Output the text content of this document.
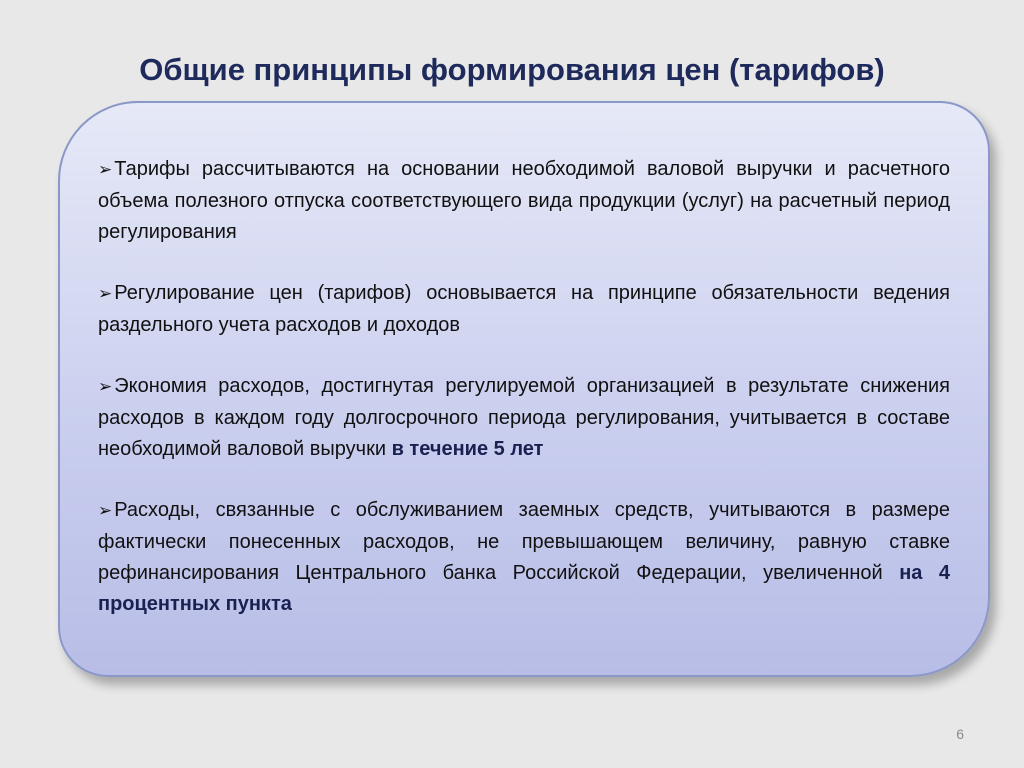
Общие принципы формирования цен (тарифов)

➢ Тарифы рассчитываются на основании необходимой валовой выручки и расчетного объема полезного отпуска соответствующего вида продукции (услуг) на расчетный период регулирования

➢ Регулирование цен (тарифов) основывается на принципе обязательности ведения раздельного учета расходов и доходов

➢ Экономия расходов, достигнутая регулируемой организацией в результате снижения расходов в каждом году долгосрочного периода регулирования, учитывается в составе необходимой валовой выручки в течение 5 лет

➢ Расходы, связанные с обслуживанием заемных средств, учитываются в размере фактически понесенных расходов, не превышающем величину, равную ставке рефинансирования Центрального банка Российской Федерации, увеличенной на 4 процентных пункта

6
